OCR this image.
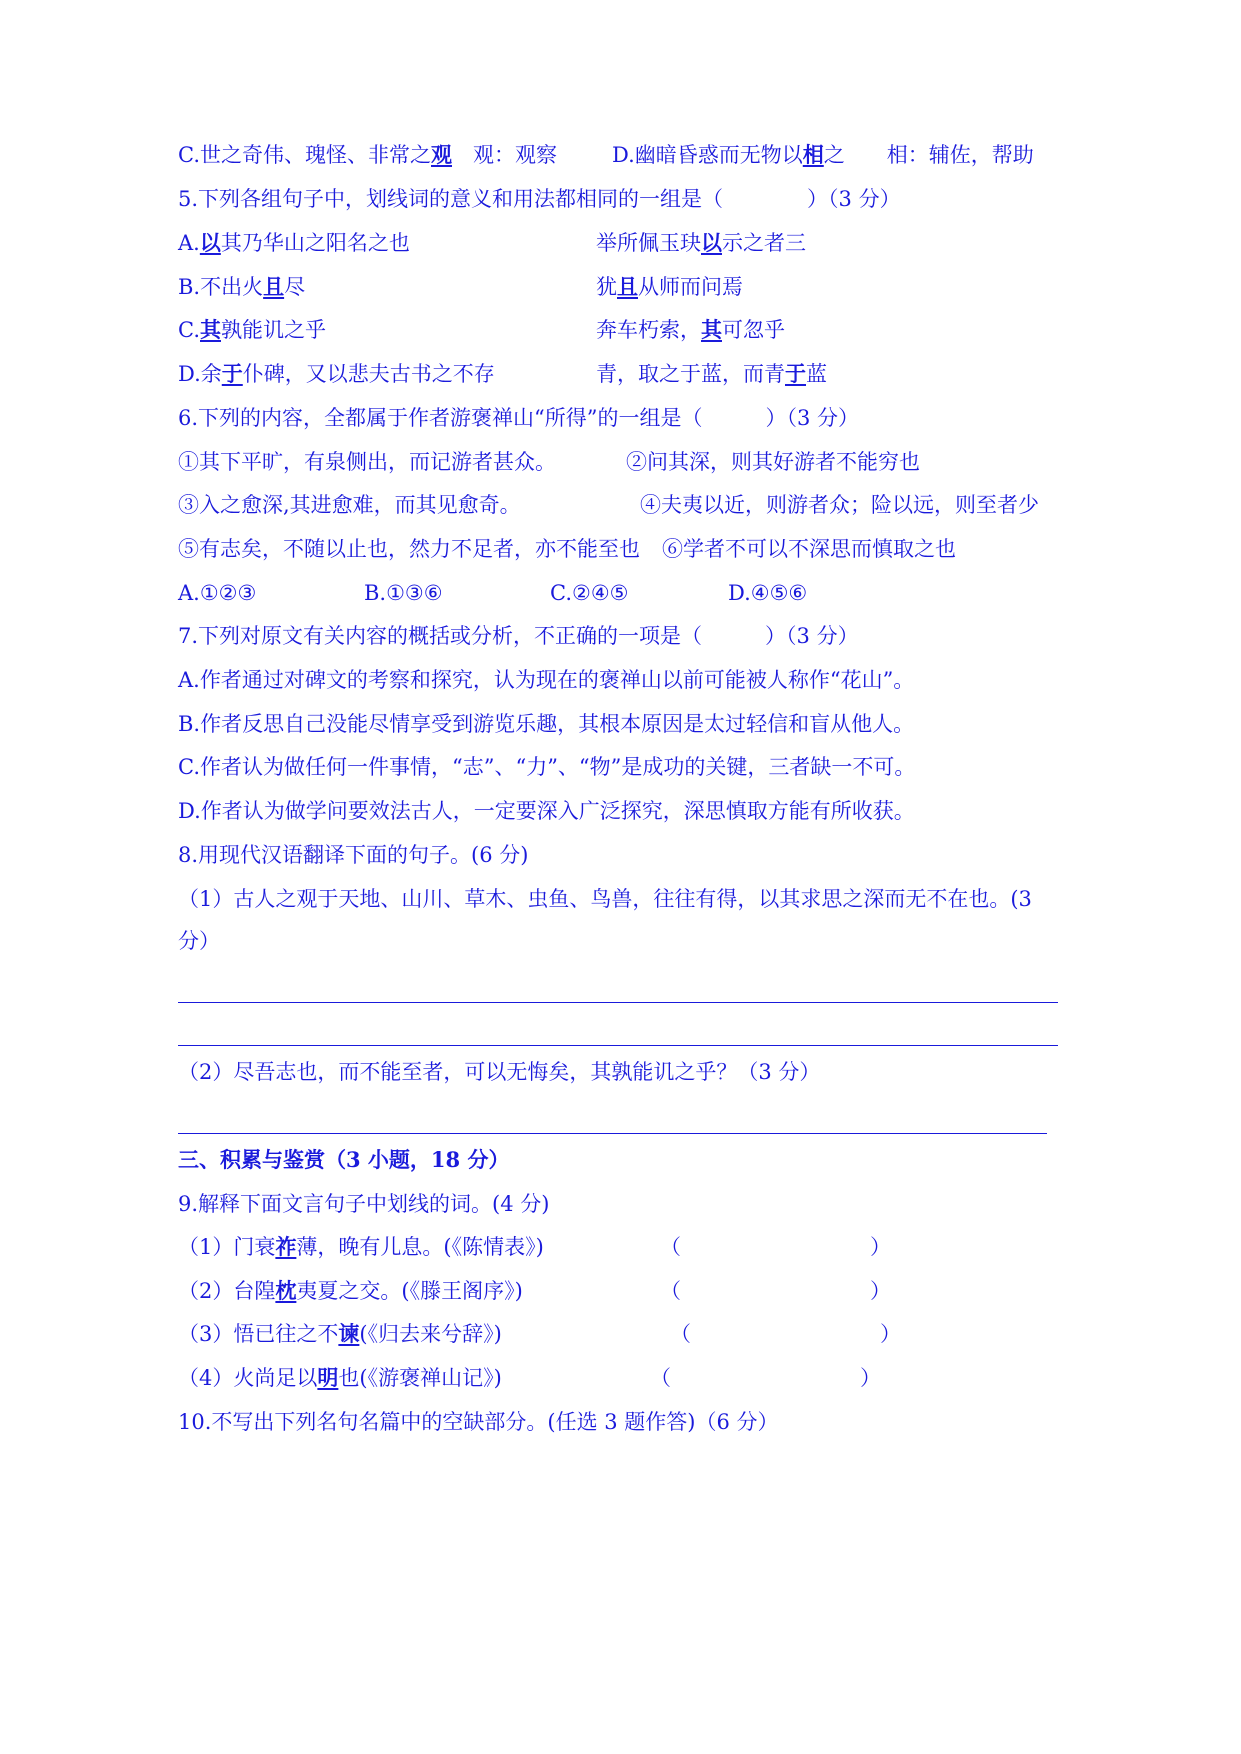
C.世之奇伟、瑰怪、非常之观　观：观察	D.幽暗昏惑而无物以相之　　相：辅佐，帮助
5.下列各组句子中，划线词的意义和用法都相同的一组是（　　　　）（3 分）
A.以其乃华山之阳名之也	举所佩玉玦以示之者三
B.不出火且尽	犹且从师而问焉
C.其孰能讥之乎	奔车朽索，其可忽乎
D.余于仆碑，又以悲夫古书之不存	青，取之于蓝，而青于蓝
6.下列的内容，全都属于作者游褒禅山“所得”的一组是（　　　）（3 分）
①其下平旷，有泉侧出，而记游者甚众。	②问其深，则其好游者不能穷也
③入之愈深,其进愈难，而其见愈奇。	④夫夷以近，则游者众；险以远，则至者少
⑤有志矣，不随以止也，然力不足者，亦不能至也 ⑥学者不可以不深思而慎取之也
A.①②③	B.①③⑥	C.②④⑤	D.④⑤⑥
7.下列对原文有关内容的概括或分析，不正确的一项是（　　　）（3 分）
A.作者通过对碑文的考察和探究，认为现在的褒禅山以前可能被人称作“花山”。
B.作者反思自己没能尽情享受到游览乐趣，其根本原因是太过轻信和盲从他人。
C.作者认为做任何一件事情，“志”、“力”、“物”是成功的关键，三者缺一不可。
D.作者认为做学问要效法古人，一定要深入广泛探究，深思慎取方能有所收获。
8.用现代汉语翻译下面的句子。(6 分)
（1）古人之观于天地、山川、草木、虫鱼、鸟兽，往往有得，以其求思之深而无不在也。(3
分）
（2）尽吾志也，而不能至者，可以无悔矣，其孰能讥之乎？（3 分）
三、积累与鉴赏（3 小题，18 分）
9.解释下面文言句子中划线的词。(4 分)
（1）门衰祚薄，晚有儿息。(《陈情表》)	（　　　　　　　　　）
（2）台隍枕夷夏之交。(《滕王阁序》)	（　　　　　　　　　）
（3）悟已往之不谏(《归去来兮辞》)	（　　　　　　　　　）
（4）火尚足以明也(《游褒禅山记》)	（　　　　　　　　　）
10.不写出下列名句名篇中的空缺部分。(任选 3 题作答)（6 分）
